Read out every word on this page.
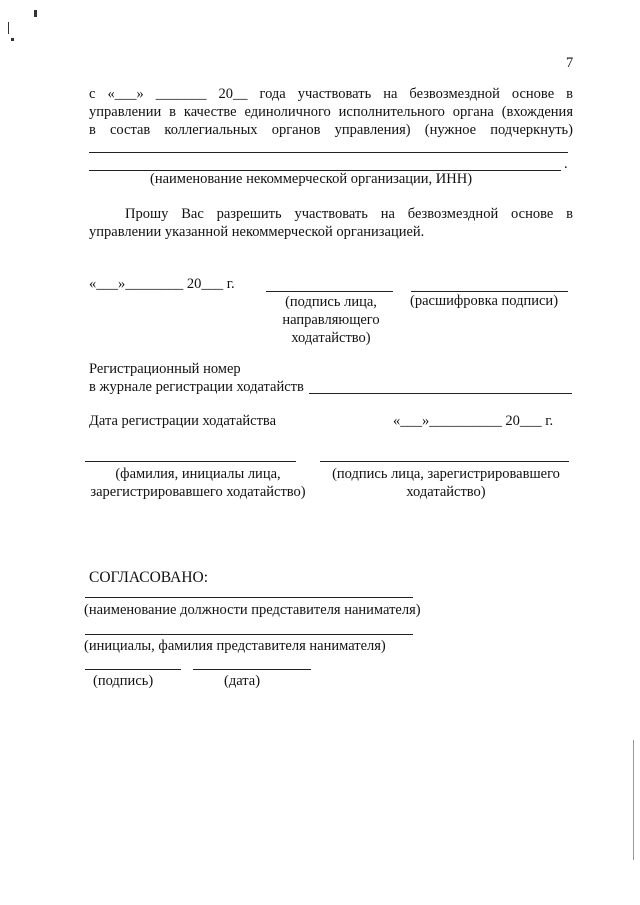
7
с «___» _______ 20__ года участвовать на безвозмездной основе в
управлении в качестве единоличного исполнительного органа (вхождения
в состав коллегиальных органов управления) (нужное подчеркнуть)
.
(наименование некоммерческой организации, ИНН)
Прошу Вас разрешить участвовать на безвозмездной основе в
управлении указанной некоммерческой организацией.
«___»________ 20___ г.
(подпись лица, направляющего ходатайство)
(расшифровка подписи)
Регистрационный номер
в журнале регистрации ходатайств
Дата регистрации ходатайства	«___»__________ 20___ г.
(фамилия, инициалы лица, зарегистрировавшего ходатайство)
(подпись лица, зарегистрировавшего ходатайство)
СОГЛАСОВАНО:
(наименование должности представителя нанимателя)
(инициалы, фамилия представителя нанимателя)
(подпись)	(дата)
